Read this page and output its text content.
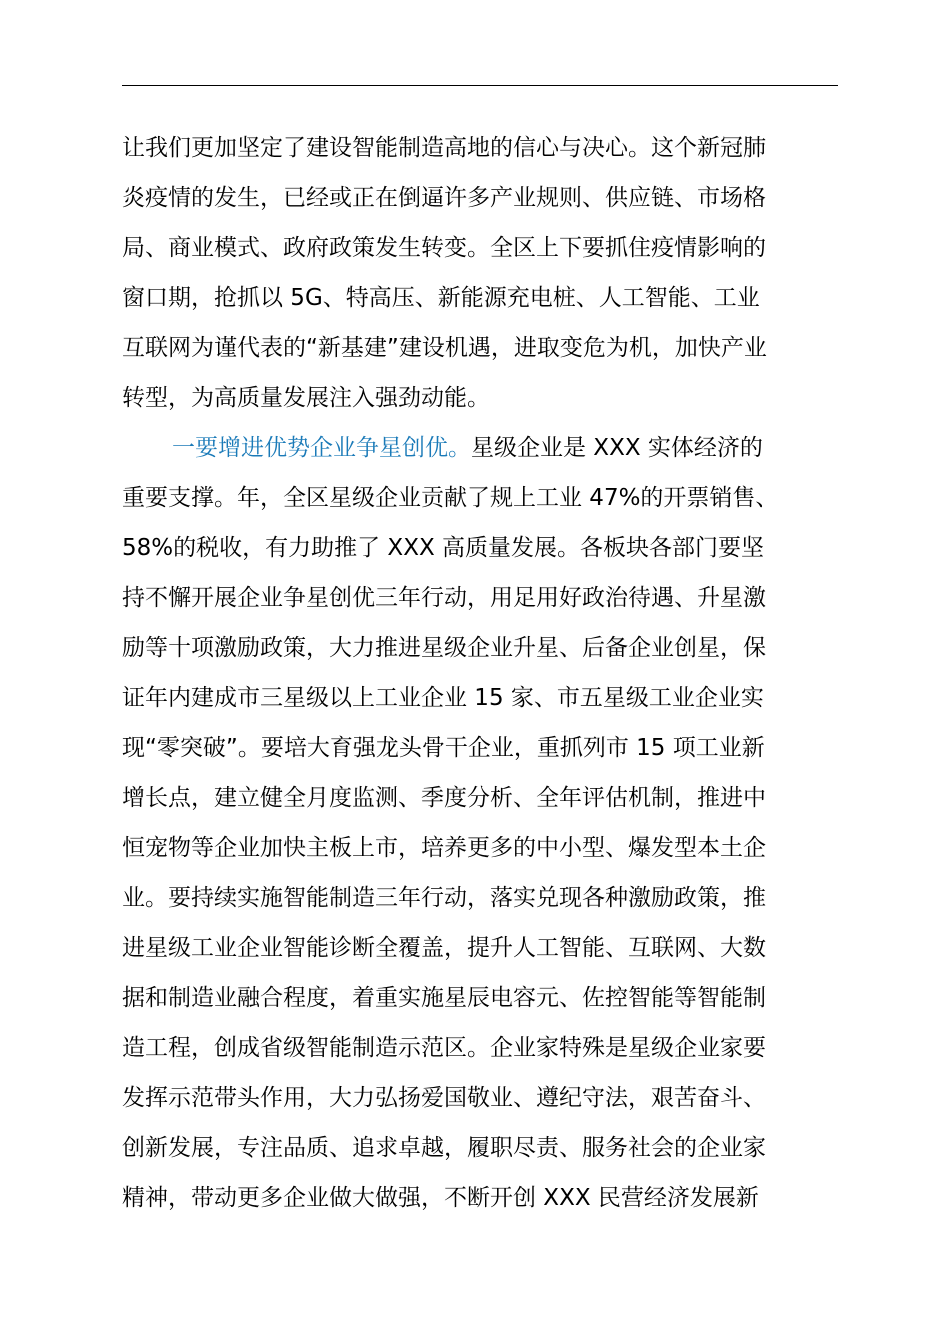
让我们更加坚定了建设智能制造高地的信心与决心。这个新冠肺
炎疫情的发生，已经或正在倒逼许多产业规则、供应链、市场格
局、商业模式、政府政策发生转变。全区上下要抓住疫情影响的
窗口期，抢抓以 5G、特高压、新能源充电桩、人工智能、工业
互联网为谨代表的“新基建”建设机遇，进取变危为机，加快产业
转型，为高质量发展注入强劲动能。
一要增进优势企业争星创优。星级企业是 XXX 实体经济的
重要支撑。年，全区星级企业贡献了规上工业 47%的开票销售、
58%的税收，有力助推了 XXX 高质量发展。各板块各部门要坚
持不懈开展企业争星创优三年行动，用足用好政治待遇、升星激
励等十项激励政策，大力推进星级企业升星、后备企业创星，保
证年内建成市三星级以上工业企业 15 家、市五星级工业企业实
现“零突破”。要培大育强龙头骨干企业，重抓列市 15 项工业新
增长点，建立健全月度监测、季度分析、全年评估机制，推进中
恒宠物等企业加快主板上市，培养更多的中小型、爆发型本土企
业。要持续实施智能制造三年行动，落实兑现各种激励政策，推
进星级工业企业智能诊断全覆盖，提升人工智能、互联网、大数
据和制造业融合程度，着重实施星辰电容元、佐控智能等智能制
造工程，创成省级智能制造示范区。企业家特殊是星级企业家要
发挥示范带头作用，大力弘扬爱国敬业、遵纪守法，艰苦奋斗、
创新发展，专注品质、追求卓越，履职尽责、服务社会的企业家
精神，带动更多企业做大做强，不断开创 XXX 民营经济发展新
